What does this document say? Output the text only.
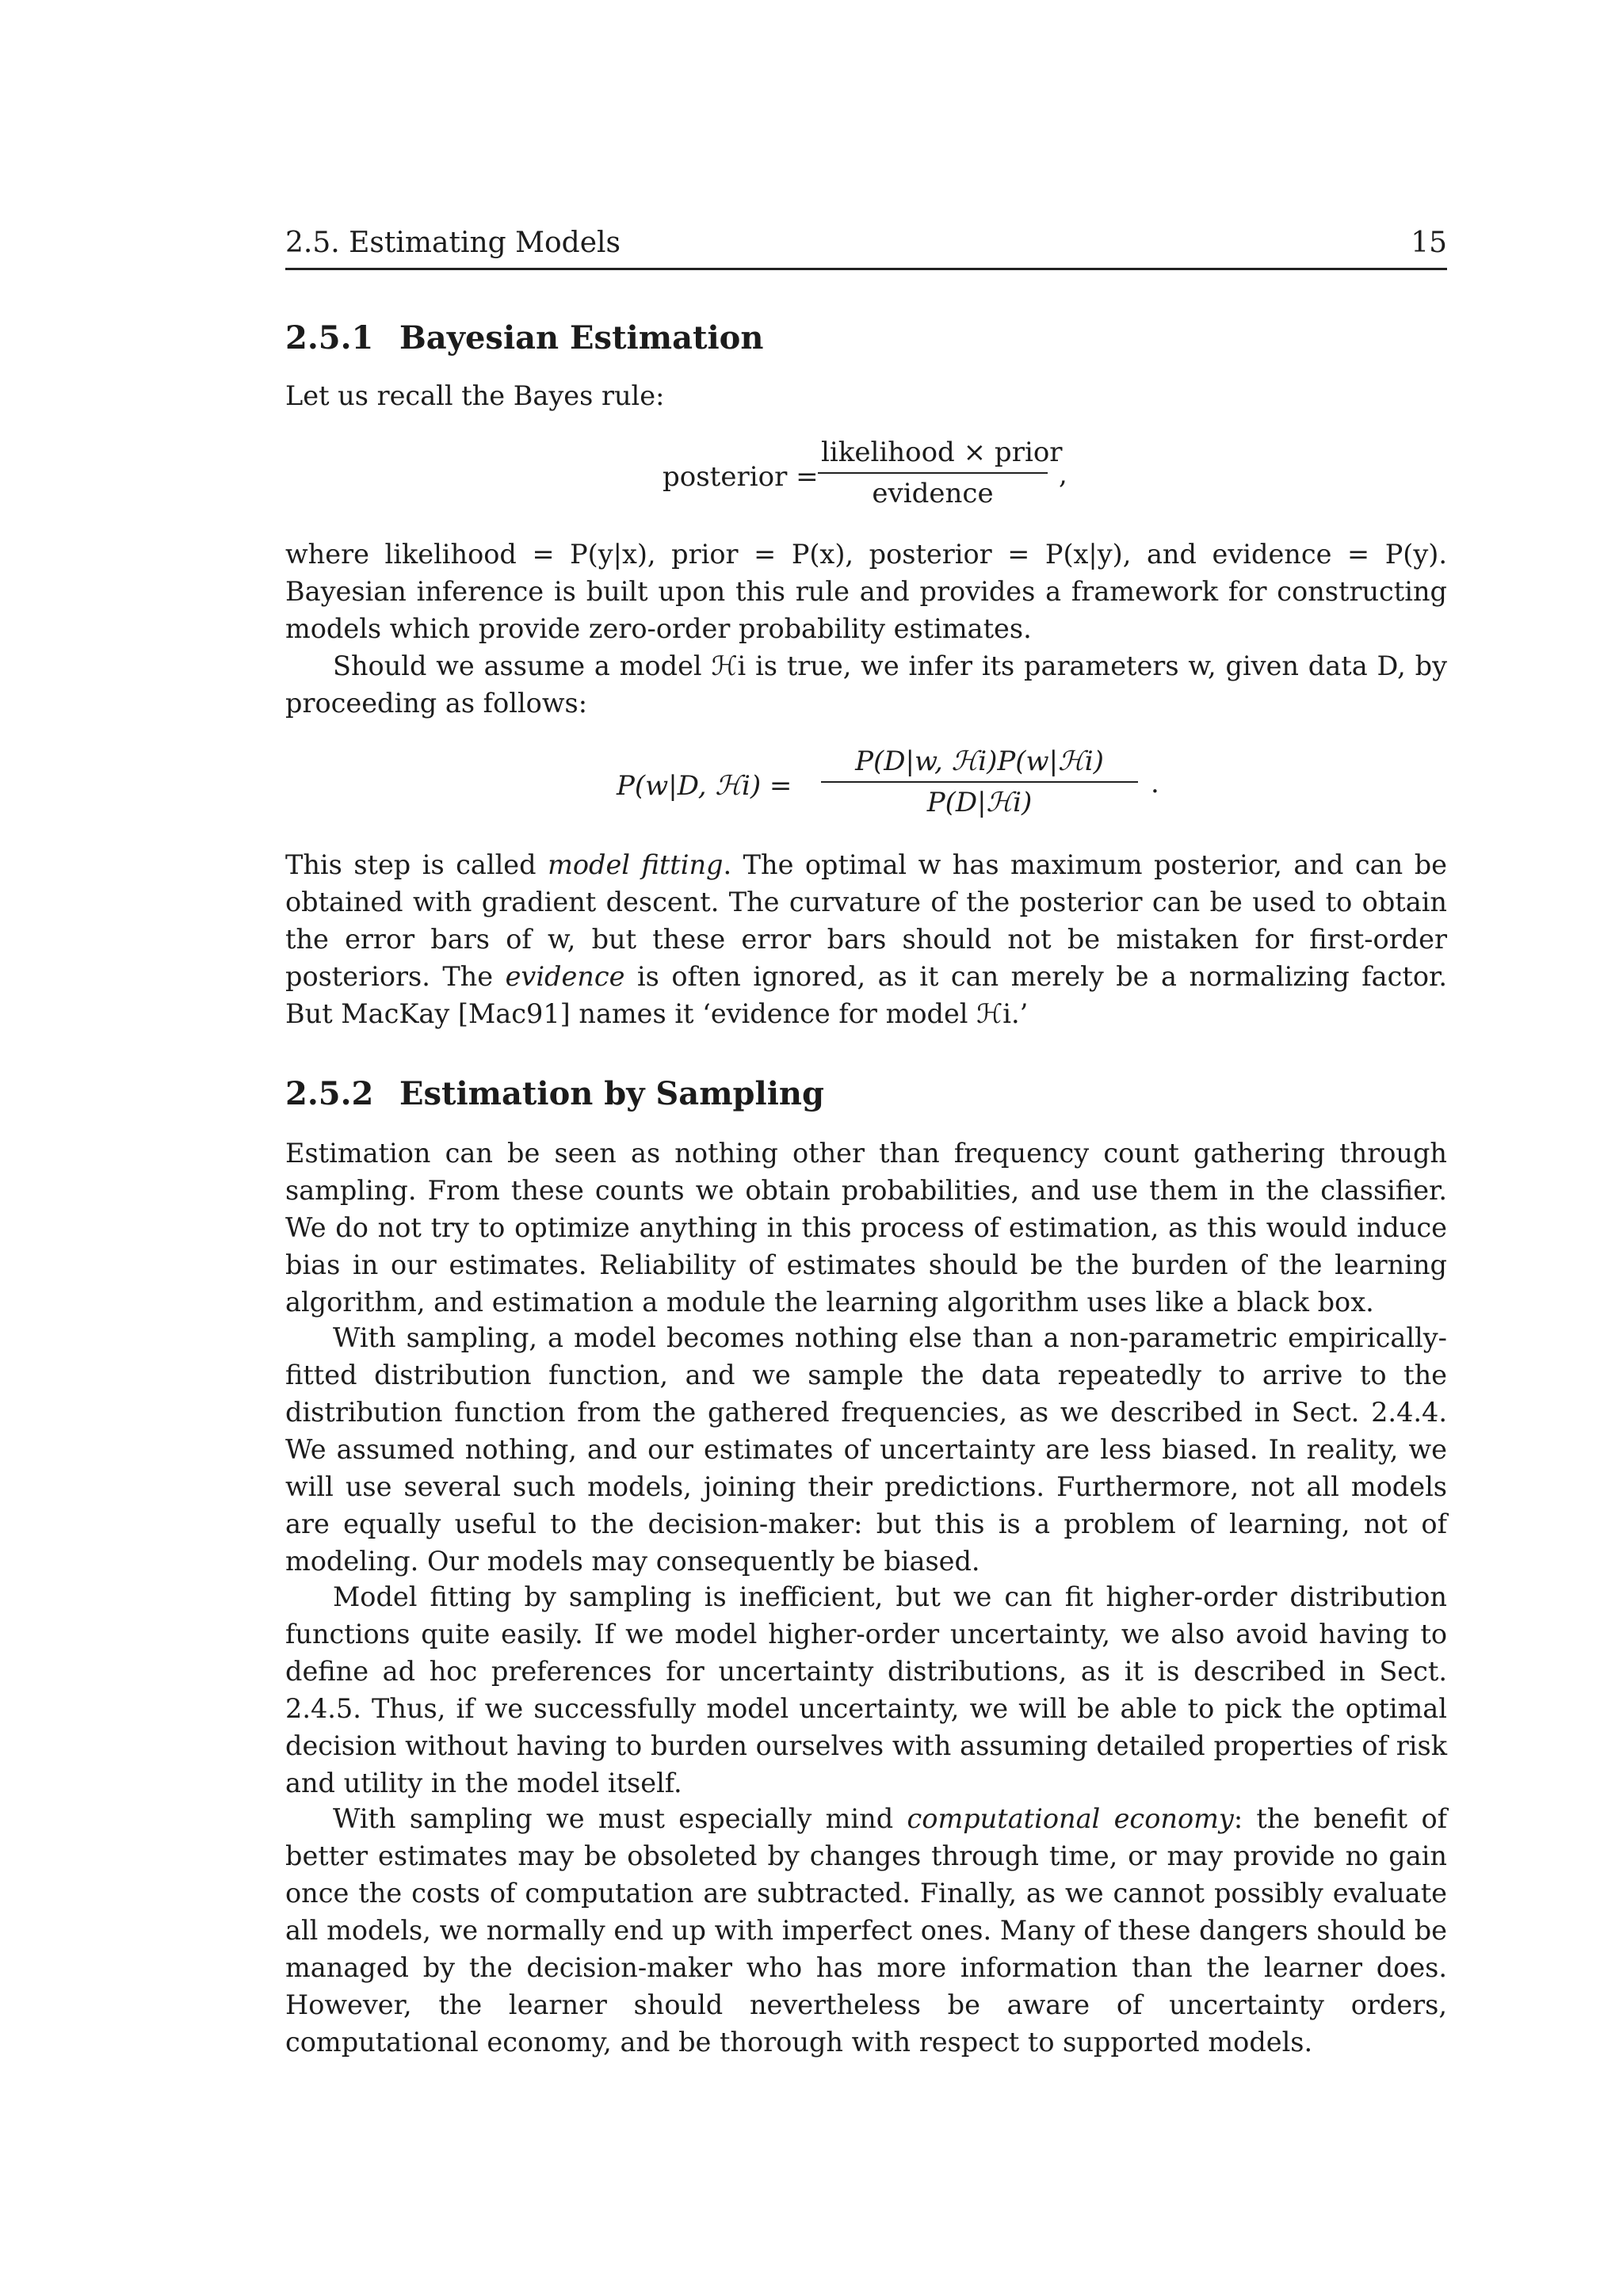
2.5. Estimating Models	15
2.5.1 Bayesian Estimation

Let us recall the Bayes rule:

posterior =
likelihood × prior
evidence
,

where likelihood = P(y|x), prior = P(x), posterior = P(x|y), and evidence = P(y). Bayesian inference is built upon this rule and provides a framework for constructing models which provide zero-order probability estimates.

Should we assume a model ℋi is true, we infer its parameters w, given data D, by proceeding as follows:

P(w|D, ℋi) =
P(D|w, ℋi)P(w|ℋi)
P(D|ℋi)
.

This step is called model fitting. The optimal w has maximum posterior, and can be obtained with gradient descent. The curvature of the posterior can be used to obtain the error bars of w, but these error bars should not be mistaken for first-order posteriors. The evidence is often ignored, as it can merely be a normalizing factor. But MacKay [Mac91] names it ‘evidence for model ℋi.’

2.5.2 Estimation by Sampling

Estimation can be seen as nothing other than frequency count gathering through sampling. From these counts we obtain probabilities, and use them in the classifier. We do not try to optimize anything in this process of estimation, as this would induce bias in our estimates. Reliability of estimates should be the burden of the learning algorithm, and estimation a module the learning algorithm uses like a black box.

With sampling, a model becomes nothing else than a non-parametric empirically-fitted distribution function, and we sample the data repeatedly to arrive to the distribution function from the gathered frequencies, as we described in Sect. 2.4.4. We assumed nothing, and our estimates of uncertainty are less biased. In reality, we will use several such models, joining their predictions. Furthermore, not all models are equally useful to the decision-maker: but this is a problem of learning, not of modeling. Our models may consequently be biased.

Model fitting by sampling is inefficient, but we can fit higher-order distribution functions quite easily. If we model higher-order uncertainty, we also avoid having to define ad hoc preferences for uncertainty distributions, as it is described in Sect. 2.4.5. Thus, if we successfully model uncertainty, we will be able to pick the optimal decision without having to burden ourselves with assuming detailed properties of risk and utility in the model itself.

With sampling we must especially mind computational economy: the benefit of better estimates may be obsoleted by changes through time, or may provide no gain once the costs of computation are subtracted. Finally, as we cannot possibly evaluate all models, we normally end up with imperfect ones. Many of these dangers should be managed by the decision-maker who has more information than the learner does. However, the learner should nevertheless be aware of uncertainty orders, computational economy, and be thorough with respect to supported models.
